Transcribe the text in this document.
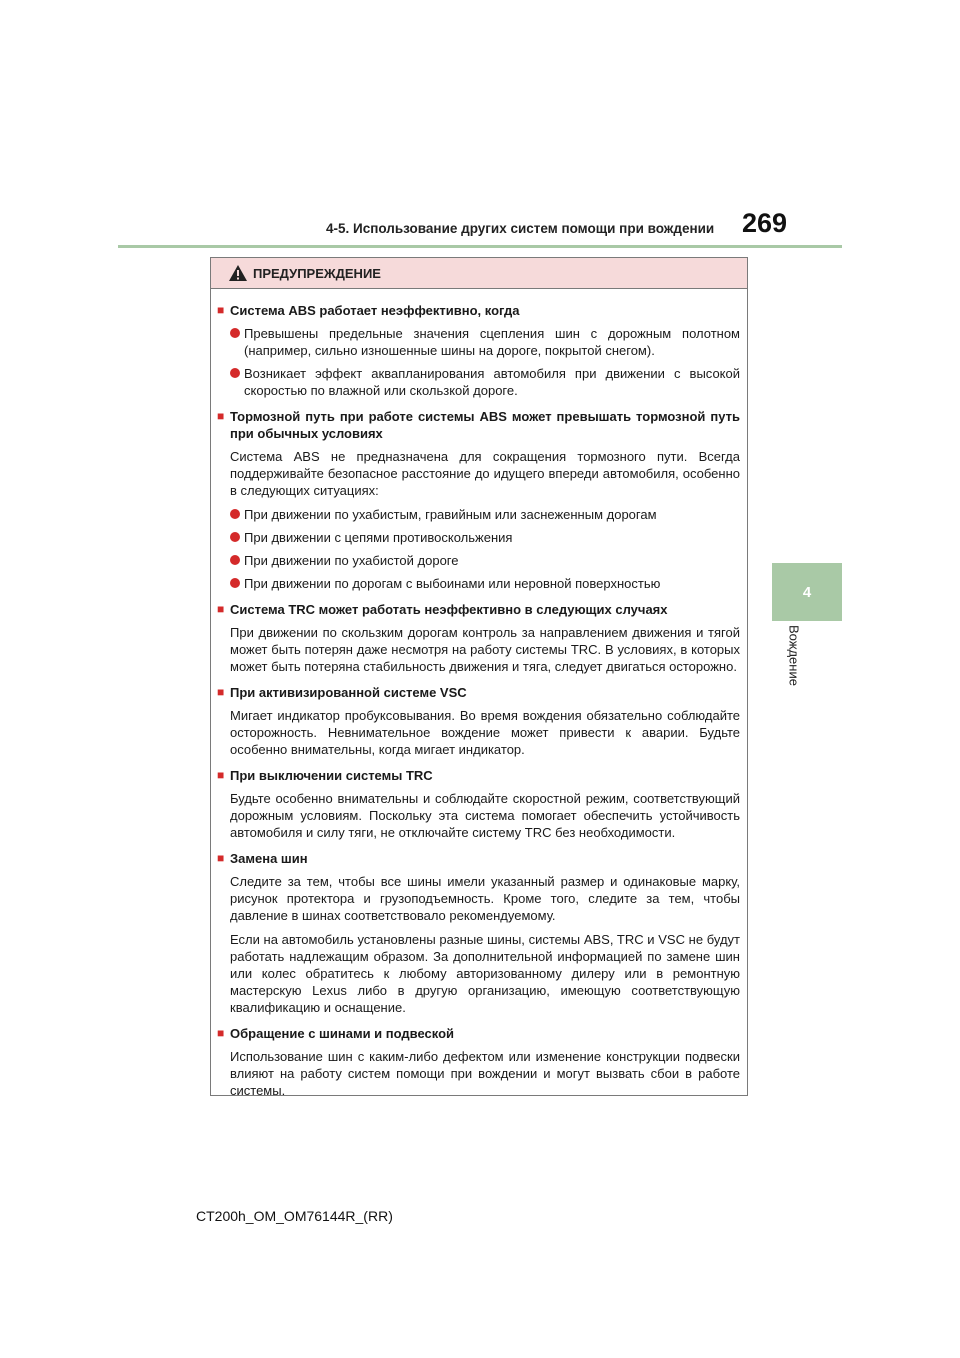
4-5. Использование других систем помощи при вождении 269
4
Вождение
ПРЕДУПРЕЖДЕНИЕ
■ Система ABS работает неэффективно, когда
Превышены предельные значения сцепления шин с дорожным полотном (например, сильно изношенные шины на дороге, покрытой снегом).
Возникает эффект аквапланирования автомобиля при движении с высокой скоростью по влажной или скользкой дороге.
■ Тормозной путь при работе системы ABS может превышать тормозной путь при обычных условиях
Система ABS не предназначена для сокращения тормозного пути. Всегда поддерживайте безопасное расстояние до идущего впереди автомобиля, особенно в следующих ситуациях:
При движении по ухабистым, гравийным или заснеженным дорогам
При движении с цепями противоскольжения
При движении по ухабистой дороге
При движении по дорогам с выбоинами или неровной поверхностью
■ Система TRC может работать неэффективно в следующих случаях
При движении по скользким дорогам контроль за направлением движения и тягой может быть потерян даже несмотря на работу системы TRC. В условиях, в которых может быть потеряна стабильность движения и тяга, следует двигаться осторожно.
■ При активизированной системе VSC
Мигает индикатор пробуксовывания. Во время вождения обязательно соблюдайте осторожность. Невнимательное вождение может привести к аварии. Будьте особенно внимательны, когда мигает индикатор.
■ При выключении системы TRC
Будьте особенно внимательны и соблюдайте скоростной режим, соответствующий дорожным условиям. Поскольку эта система помогает обеспечить устойчивость автомобиля и силу тяги, не отключайте систему TRC без необходимости.
■ Замена шин
Следите за тем, чтобы все шины имели указанный размер и одинаковые марку, рисунок протектора и грузоподъемность. Кроме того, следите за тем, чтобы давление в шинах соответствовало рекомендуемому.
Если на автомобиль установлены разные шины, системы ABS, TRC и VSC не будут работать надлежащим образом. За дополнительной информацией по замене шин или колес обратитесь к любому авторизованному дилеру или в ремонтную мастерскую Lexus либо в другую организацию, имеющую соответствующую квалификацию и оснащение.
■ Обращение с шинами и подвеской
Использование шин с каким-либо дефектом или изменение конструкции подвески влияют на работу систем помощи при вождении и могут вызвать сбои в работе системы.
CT200h_OM_OM76144R_(RR)
